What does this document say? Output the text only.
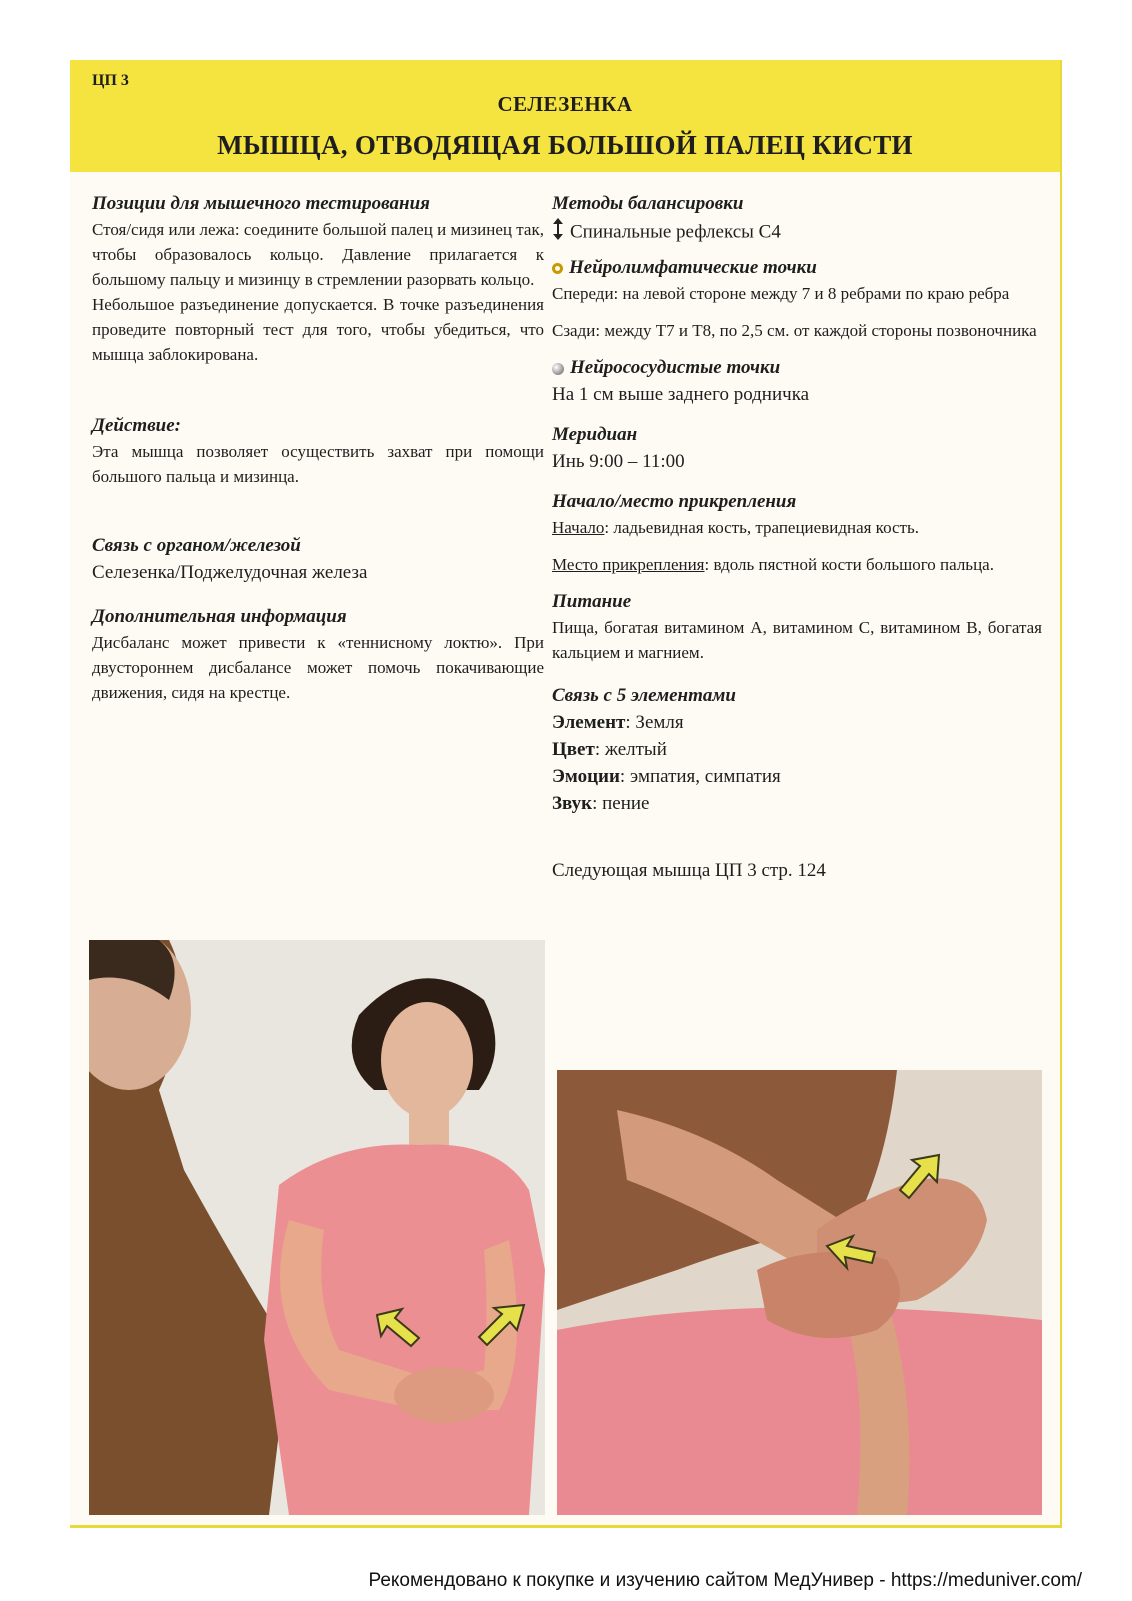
ЦП 3
СЕЛЕЗЕНКА
МЫШЦА, ОТВОДЯЩАЯ БОЛЬШОЙ ПАЛЕЦ КИСТИ

Позиции для мышечного тестирования

Стоя/сидя или лежа: соедините большой палец и мизинец так, чтобы образовалось кольцо. Давление прилагается к большому пальцу и мизинцу в стремлении разорвать кольцо.

Небольшое разъединение допускается. В точке разъединения проведите повторный тест для того, чтобы убедиться, что мышца заблокирована.

Действие:

Эта мышца позволяет осуществить захват при помощи большого пальца и мизинца.

Связь с органом/железой

Селезенка/Поджелудочная железа

Дополнительная информация

Дисбаланс может привести к «теннисному локтю». При двустороннем дисбалансе может помочь покачивающие движения, сидя на крестце.

Методы балансировки

Спинальные рефлексы С4

Нейролимфатические точки

Спереди: на левой стороне между 7 и 8 ребрами по краю ребра

Сзади: между Т7 и Т8, по 2,5 см. от каждой стороны позвоночника

Нейрососудистые точки

На 1 см выше заднего родничка

Меридиан

Инь 9:00 – 11:00

Начало/место прикрепления

Начало: ладьевидная кость, трапециевидная кость.

Место прикрепления: вдоль пястной кости большого пальца.

Питание

Пища, богатая витамином А, витамином С, витамином В, богатая кальцием и магнием.

Связь с 5 элементами

Элемент: Земля

Цвет: желтый

Эмоции: эмпатия, симпатия

Звук: пение

Следующая мышца ЦП 3 стр. 124

Рекомендовано к покупке и изучению сайтом МедУнивер - https://meduniver.com/
